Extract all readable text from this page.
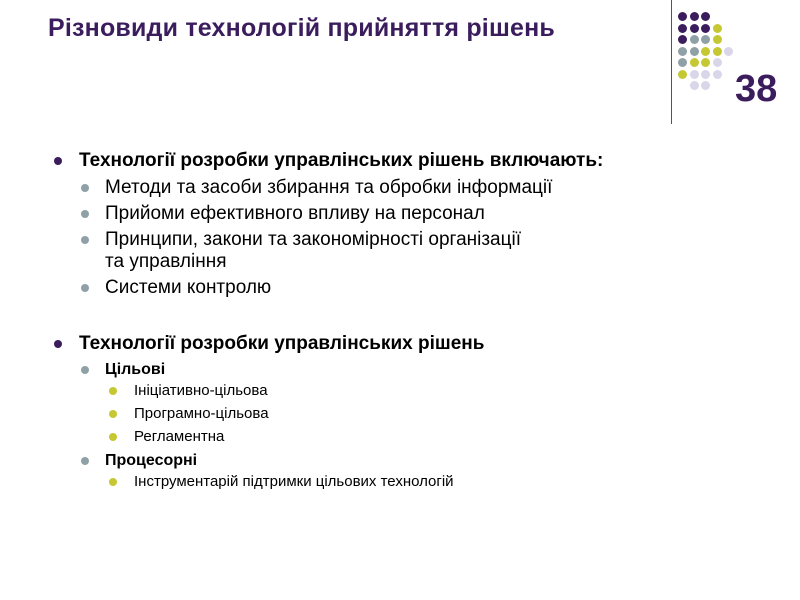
Різновиди технологій прийняття рішень
38
Технології розробки управлінських рішень включають:
Методи та засоби збирання та обробки інформації
Прийоми ефективного впливу на персонал
Принципи, закони та закономірності організації
та управління
Системи контролю
Технології розробки управлінських рішень
Цільові
Ініціативно-цільова
Програмно-цільова
Регламентна
Процесорні
Інструментарій підтримки цільових технологій
